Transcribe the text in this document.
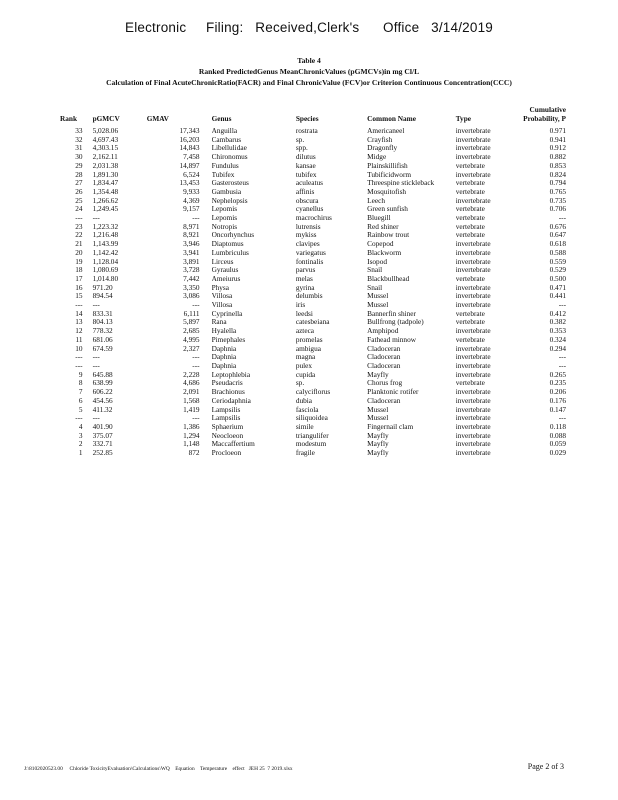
Electronic     Filing:   Received,Clerk's      Office   3/14/2019
Table 4
Ranked PredictedGenus MeanChronicValues (pGMCVs)in mg Cl/L
Calculation of Final AcuteChronicRatio(FACR) and Final ChronicValue (FCV)or Criterion Continuous Concentration(CCC)
Rank	pGMCV	GMAV	Genus	Species	Common Name	Type	Cumulative
Probability, P

33	5,028.06	17,343	Anguilla	rostrata	Americaneel	invertebrate	0.971
32	4,697.43	16,203	Cambarus	sp.	Crayfish	invertebrate	0.941
31	4,303.15	14,843	Libellulidae	spp.	Dragonfly	invertebrate	0.912
30	2,162.11	7,458	Chironomus	dilutus	Midge	invertebrate	0.882
29	2,031.38	14,897	Fundulus	kansae	Plainskillifish	vertebrate	0.853
28	1,891.30	6,524	Tubifex	tubifex	Tubificidworm	invertebrate	0.824
27	1,834.47	13,453	Gasterosteus	aculeatus	Threespine stickleback	vertebrate	0.794
26	1,354.48	9,933	Gambusia	affinis	Mosquitofish	vertebrate	0.765
25	1,266.62	4,369	Nephelopsis	obscura	Leech	invertebrate	0.735
24	1,249.45	9,157	Lepomis	cyanellus	Green sunfish	vertebrate	0.706
---	---	---	Lepomis	macrochirus	Bluegill	vertebrate	---
23	1,223.32	8,971	Notropis	lutrensis	Red shiner	vertebrate	0.676
22	1,216.48	8,921	Oncorhynchus	mykiss	Rainbow trout	vertebrate	0.647
21	1,143.99	3,946	Diaptomus	clavipes	Copepod	invertebrate	0.618
20	1,142.42	3,941	Lumbriculus	variegatus	Blackworm	invertebrate	0.588
19	1,128.04	3,891	Lirceus	fontinalis	Isopod	invertebrate	0.559
18	1,080.69	3,728	Gyraulus	parvus	Snail	invertebrate	0.529
17	1,014.80	7,442	Ameiurus	melas	Blackbullhead	vertebrate	0.500
16	971.20	3,350	Physa	gyrina	Snail	invertebrate	0.471
15	894.54	3,086	Villosa	delumbis	Mussel	invertebrate	0.441
---	---	---	Villosa	iris	Mussel	invertebrate	---
14	833.31	6,111	Cyprinella	leedsi	Bannerfin shiner	vertebrate	0.412
13	804.13	5,897	Rana	catesbeiana	Bullfrong (tadpole)	vertebrate	0.382
12	778.32	2,685	Hyalella	azteca	Amphipod	invertebrate	0.353
11	681.06	4,995	Pimephales	promelas	Fathead minnow	vertebrate	0.324
10	674.59	2,327	Daphnia	ambigua	Cladoceran	invertebrate	0.294
---	---	---	Daphnia	magna	Cladoceran	invertebrate	---
---	---	---	Daphnia	pulex	Cladoceran	invertebrate	---
9	645.88	2,228	Leptophlebia	cupida	Mayfly	invertebrate	0.265
8	638.99	4,686	Pseudacris	sp.	Chorus frog	vertebrate	0.235
7	606.22	2,091	Brachionus	calyciflorus	Planktonic rotifer	invertebrate	0.206
6	454.56	1,568	Ceriodaphnia	dubia	Cladoceran	invertebrate	0.176
5	411.32	1,419	Lampsilis	fasciola	Mussel	invertebrate	0.147
---	---	---	Lampsilis	siliquoidea	Mussel	invertebrate	---
4	401.90	1,386	Sphaerium	simile	Fingernail clam	invertebrate	0.118
3	375.07	1,294	Neocloeon	triangulifer	Mayfly	invertebrate	0.088
2	332.71	1,148	Maccaffertium	modestum	Mayfly	invertebrate	0.059
1	252.85	872	Procloeon	fragile	Mayfly	invertebrate	0.029
J:\8102020523.00     Chloride ToxicityEvaluation\Calculations\WQ    Equation    Temperature    effect   JEH 25  7 2019.xlsx	Page 2 of 3
